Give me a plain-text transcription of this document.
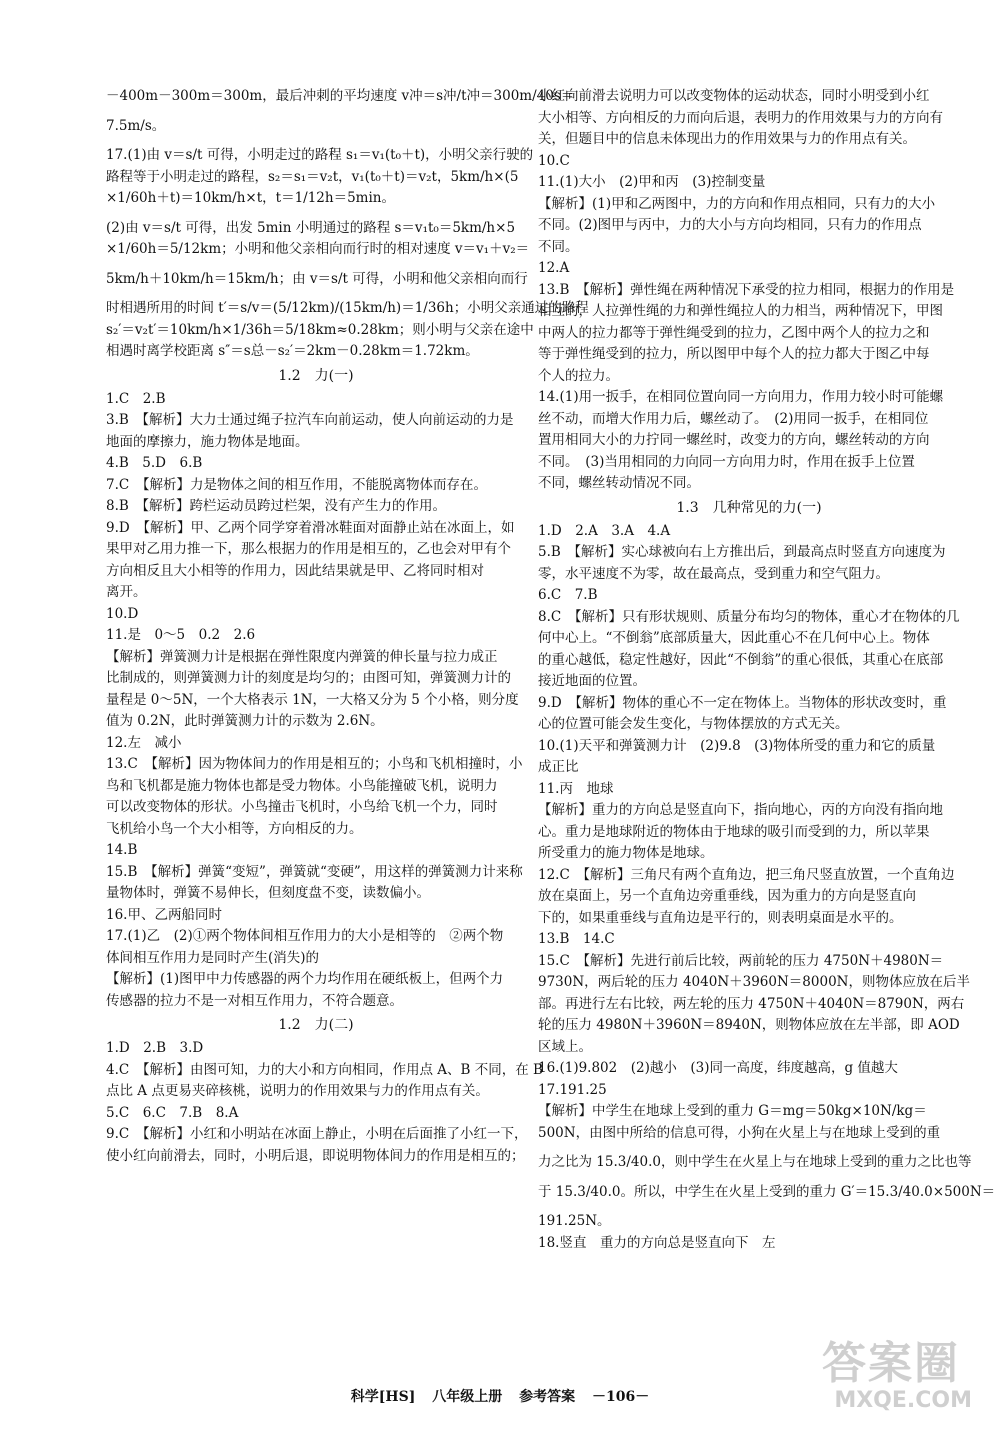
－400m－300m＝300m，最后冲刺的平均速度 v冲＝s冲/t冲＝300m/40s＝
7.5m/s。
17.(1)由 v＝s/t 可得，小明走过的路程 s₁＝v₁(t₀＋t)，小明父亲行驶的
路程等于小明走过的路程，s₂＝s₁＝v₂t，v₁(t₀＋t)＝v₂t，5km/h×(5
×1/60h＋t)＝10km/h×t，t＝1/12h＝5min。
(2)由 v＝s/t 可得，出发 5min 小明通过的路程 s＝v₁t₀＝5km/h×5
×1/60h＝5/12km；小明和他父亲相向而行时的相对速度 v＝v₁＋v₂＝
5km/h＋10km/h＝15km/h；由 v＝s/t 可得，小明和他父亲相向而行
时相遇所用的时间 t′＝s/v＝(5/12km)/(15km/h)＝1/36h；小明父亲通过的路程
s₂′＝v₂t′＝10km/h×1/36h＝5/18km≈0.28km；则小明与父亲在途中
相遇时离学校距离 s″＝s总－s₂′＝2km－0.28km＝1.72km。
1.2　力(一)
1.C　2.B
3.B　【解析】大力士通过绳子拉汽车向前运动，使人向前运动的力是
地面的摩擦力，施力物体是地面。
4.B　5.D　6.B
7.C　【解析】力是物体之间的相互作用，不能脱离物体而存在。
8.B　【解析】跨栏运动员跨过栏架，没有产生力的作用。
9.D　【解析】甲、乙两个同学穿着滑冰鞋面对面静止站在冰面上，如
果甲对乙用力推一下，那么根据力的作用是相互的，乙也会对甲有个
方向相反且大小相等的作用力，因此结果就是甲、乙将同时相对
离开。
10.D
11.是　0～5　0.2　2.6
【解析】弹簧测力计是根据在弹性限度内弹簧的伸长量与拉力成正
比制成的，则弹簧测力计的刻度是均匀的；由图可知，弹簧测力计的
量程是 0～5N，一个大格表示 1N，一大格又分为 5 个小格，则分度
值为 0.2N，此时弹簧测力计的示数为 2.6N。
12.左　减小
13.C　【解析】因为物体间力的作用是相互的；小鸟和飞机相撞时，小
鸟和飞机都是施力物体也都是受力物体。小鸟能撞破飞机，说明力
可以改变物体的形状。小鸟撞击飞机时，小鸟给飞机一个力，同时
飞机给小鸟一个大小相等，方向相反的力。
14.B
15.B　【解析】弹簧“变短”，弹簧就“变硬”，用这样的弹簧测力计来称
量物体时，弹簧不易伸长，但刻度盘不变，读数偏小。
16.甲、乙两船同时
17.(1)乙　(2)①两个物体间相互作用力的大小是相等的　②两个物
体间相互作用力是同时产生(消失)的
【解析】(1)图甲中力传感器的两个力均作用在硬纸板上，但两个力
传感器的拉力不是一对相互作用力，不符合题意。
1.2　力(二)
1.D　2.B　3.D
4.C　【解析】由图可知，力的大小和方向相同，作用点 A、B 不同，在 B
点比 A 点更易夹碎核桃，说明力的作用效果与力的作用点有关。
5.C　6.C　7.B　8.A
9.C　【解析】小红和小明站在冰面上静止，小明在后面推了小红一下，
使小红向前滑去，同时，小明后退，即说明物体间力的作用是相互的；
小红向前滑去说明力可以改变物体的运动状态，同时小明受到小红
大小相等、方向相反的力而向后退，表明力的作用效果与力的方向有
关，但题目中的信息未体现出力的作用效果与力的作用点有关。
10.C
11.(1)大小　(2)甲和丙　(3)控制变量
【解析】(1)甲和乙两图中，力的方向和作用点相同，只有力的大小
不同。(2)图甲与丙中，力的大小与方向均相同，只有力的作用点
不同。
12.A
13.B　【解析】弹性绳在两种情况下承受的拉力相同，根据力的作用是
相互的，人拉弹性绳的力和弹性绳拉人的力相当，两种情况下，甲图
中两人的拉力都等于弹性绳受到的拉力，乙图中两个人的拉力之和
等于弹性绳受到的拉力，所以图甲中每个人的拉力都大于图乙中每
个人的拉力。
14.(1)用一扳手，在相同位置向同一方向用力，作用力较小时可能螺
丝不动，而增大作用力后，螺丝动了。　(2)用同一扳手，在相同位
置用相同大小的力拧同一螺丝时，改变力的方向，螺丝转动的方向
不同。　(3)当用相同的力向同一方向用力时，作用在扳手上位置
不同，螺丝转动情况不同。
1.3　几种常见的力(一)
1.D　2.A　3.A　4.A
5.B　【解析】实心球被向右上方推出后，到最高点时竖直方向速度为
零，水平速度不为零，故在最高点，受到重力和空气阻力。
6.C　7.B
8.C　【解析】只有形状规则、质量分布均匀的物体，重心才在物体的几
何中心上。“不倒翁”底部质量大，因此重心不在几何中心上。物体
的重心越低，稳定性越好，因此“不倒翁”的重心很低，其重心在底部
接近地面的位置。
9.D　【解析】物体的重心不一定在物体上。当物体的形状改变时，重
心的位置可能会发生变化，与物体摆放的方式无关。
10.(1)天平和弹簧测力计　(2)9.8　(3)物体所受的重力和它的质量
成正比
11.丙　地球
【解析】重力的方向总是竖直向下，指向地心，丙的方向没有指向地
心。重力是地球附近的物体由于地球的吸引而受到的力，所以苹果
所受重力的施力物体是地球。
12.C　【解析】三角尺有两个直角边，把三角尺竖直放置，一个直角边
放在桌面上，另一个直角边旁重垂线，因为重力的方向是竖直向
下的，如果重垂线与直角边是平行的，则表明桌面是水平的。
13.B　14.C
15.C　【解析】先进行前后比较，两前轮的压力 4750N＋4980N＝
9730N，两后轮的压力 4040N＋3960N＝8000N，则物体应放在后半
部。再进行左右比较，两左轮的压力 4750N＋4040N＝8790N，两右
轮的压力 4980N＋3960N＝8940N，则物体应放在左半部，即 AOD
区域上。
16.(1)9.802　(2)越小　(3)同一高度，纬度越高，g 值越大
17.191.25
【解析】中学生在地球上受到的重力 G＝mg＝50kg×10N/kg＝
500N，由图中所给的信息可得，小狗在火星上与在地球上受到的重
力之比为 15.3/40.0，则中学生在火星上与在地球上受到的重力之比也等
于 15.3/40.0。所以，中学生在火星上受到的重力 G′＝15.3/40.0×500N＝
191.25N。
18.竖直　重力的方向总是竖直向下　左
科学[HS] 八年级上册 参考答案 －106－
答案圈
MXQE.COM
